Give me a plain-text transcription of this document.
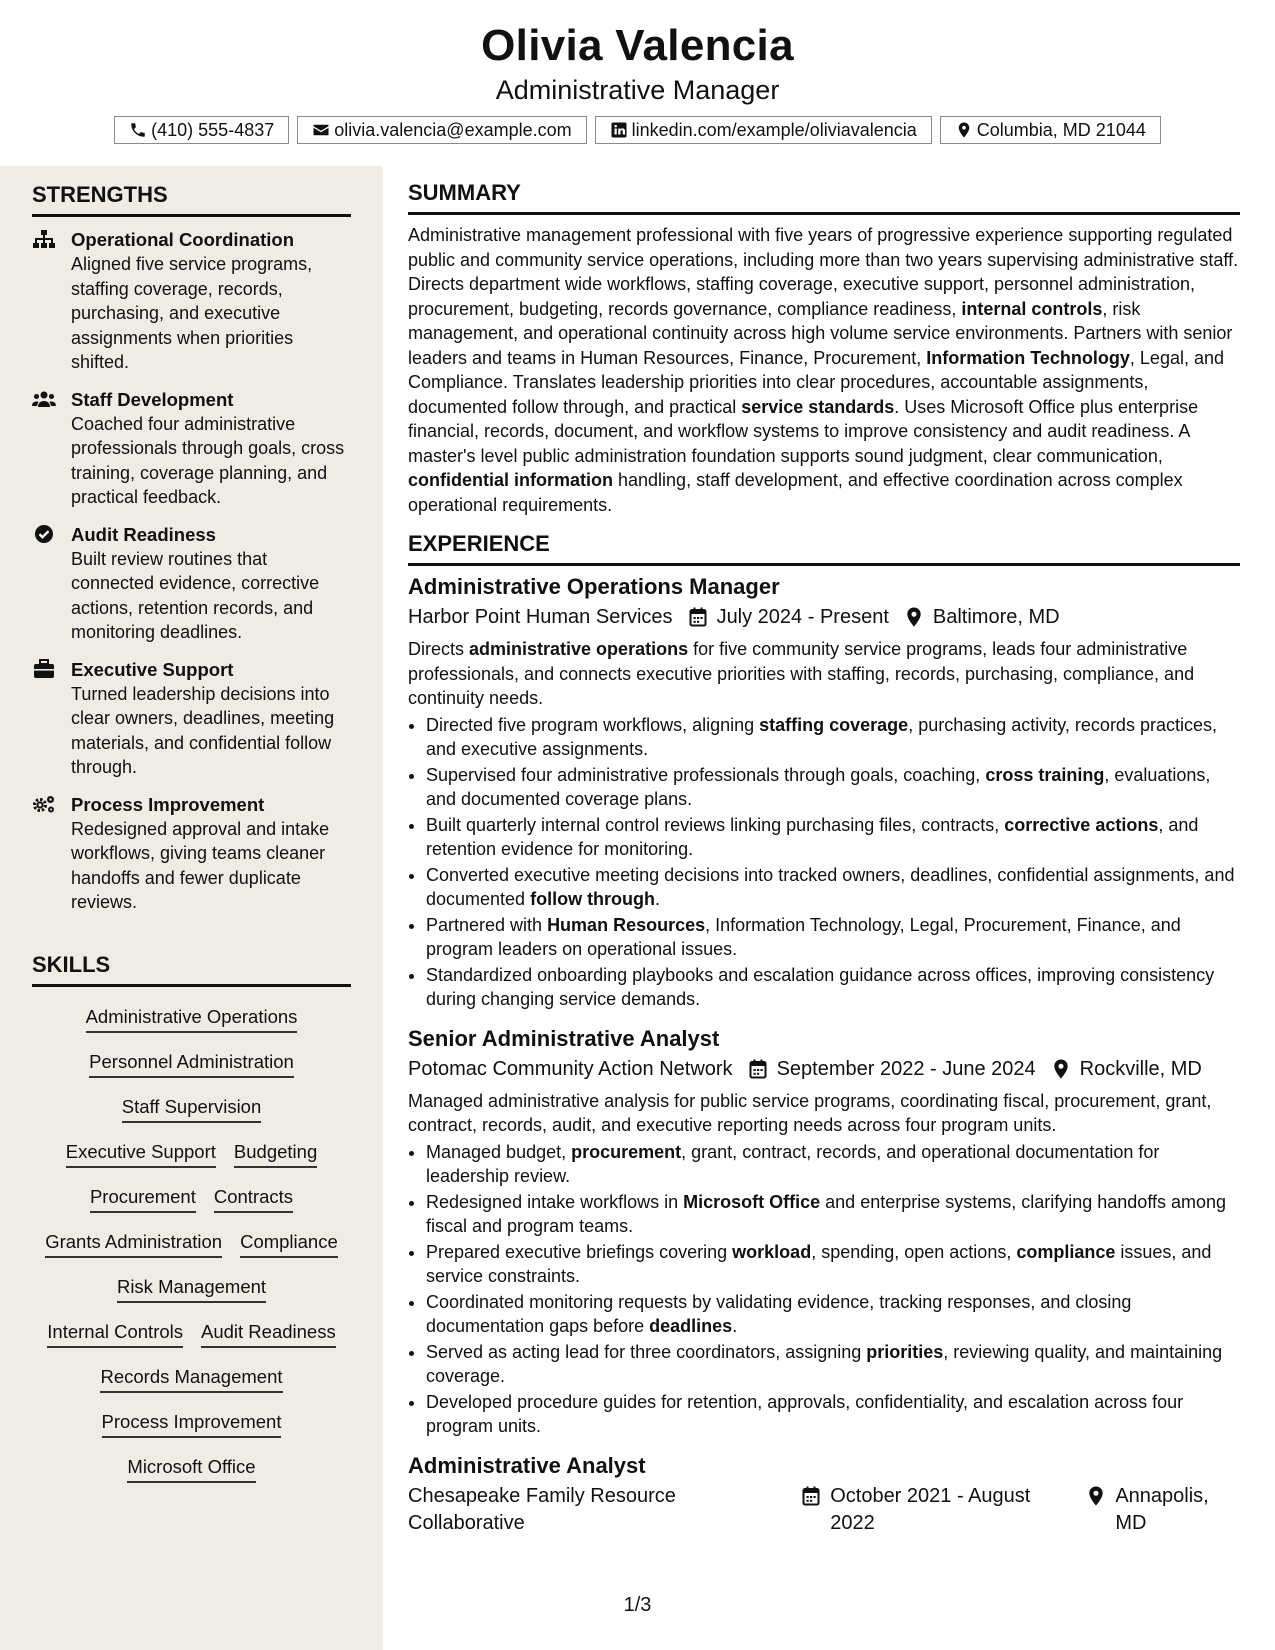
Olivia Valencia
Administrative Manager
(410) 555-4837	olivia.valencia@example.com	linkedin.com/example/oliviavalencia	Columbia, MD 21044
STRENGTHS
Operational Coordination
Aligned five service programs, staffing coverage, records, purchasing, and executive assignments when priorities shifted.
Staff Development
Coached four administrative professionals through goals, cross training, coverage planning, and practical feedback.
Audit Readiness
Built review routines that connected evidence, corrective actions, retention records, and monitoring deadlines.
Executive Support
Turned leadership decisions into clear owners, deadlines, meeting materials, and confidential follow through.
Process Improvement
Redesigned approval and intake workflows, giving teams cleaner handoffs and fewer duplicate reviews.
SKILLS
Administrative Operations
Personnel Administration
Staff Supervision
Executive Support Budgeting
Procurement Contracts
Grants Administration Compliance
Risk Management
Internal Controls Audit Readiness
Records Management
Process Improvement
Microsoft Office
SUMMARY
Administrative management professional with five years of progressive experience supporting regulated public and community service operations, including more than two years supervising administrative staff. Directs department wide workflows, staffing coverage, executive support, personnel administration, procurement, budgeting, records governance, compliance readiness, internal controls, risk management, and operational continuity across high volume service environments. Partners with senior leaders and teams in Human Resources, Finance, Procurement, Information Technology, Legal, and Compliance. Translates leadership priorities into clear procedures, accountable assignments, documented follow through, and practical service standards. Uses Microsoft Office plus enterprise financial, records, document, and workflow systems to improve consistency and audit readiness. A master's level public administration foundation supports sound judgment, clear communication, confidential information handling, staff development, and effective coordination across complex operational requirements.
EXPERIENCE
Administrative Operations Manager
Harbor Point Human Services July 2024 - Present Baltimore, MD
Directs administrative operations for five community service programs, leads four administrative professionals, and connects executive priorities with staffing, records, purchasing, compliance, and continuity needs.
• Directed five program workflows, aligning staffing coverage, purchasing activity, records practices, and executive assignments.
• Supervised four administrative professionals through goals, coaching, cross training, evaluations, and documented coverage plans.
• Built quarterly internal control reviews linking purchasing files, contracts, corrective actions, and retention evidence for monitoring.
• Converted executive meeting decisions into tracked owners, deadlines, confidential assignments, and documented follow through.
• Partnered with Human Resources, Information Technology, Legal, Procurement, Finance, and program leaders on operational issues.
• Standardized onboarding playbooks and escalation guidance across offices, improving consistency during changing service demands.
Senior Administrative Analyst
Potomac Community Action Network September 2022 - June 2024 Rockville, MD
Managed administrative analysis for public service programs, coordinating fiscal, procurement, grant, contract, records, audit, and executive reporting needs across four program units.
• Managed budget, procurement, grant, contract, records, and operational documentation for leadership review.
• Redesigned intake workflows in Microsoft Office and enterprise systems, clarifying handoffs among fiscal and program teams.
• Prepared executive briefings covering workload, spending, open actions, compliance issues, and service constraints.
• Coordinated monitoring requests by validating evidence, tracking responses, and closing documentation gaps before deadlines.
• Served as acting lead for three coordinators, assigning priorities, reviewing quality, and maintaining coverage.
• Developed procedure guides for retention, approvals, confidentiality, and escalation across four program units.
Administrative Analyst
Chesapeake Family Resource Collaborative
October 2021 - August 2022
Annapolis, MD
1/3
